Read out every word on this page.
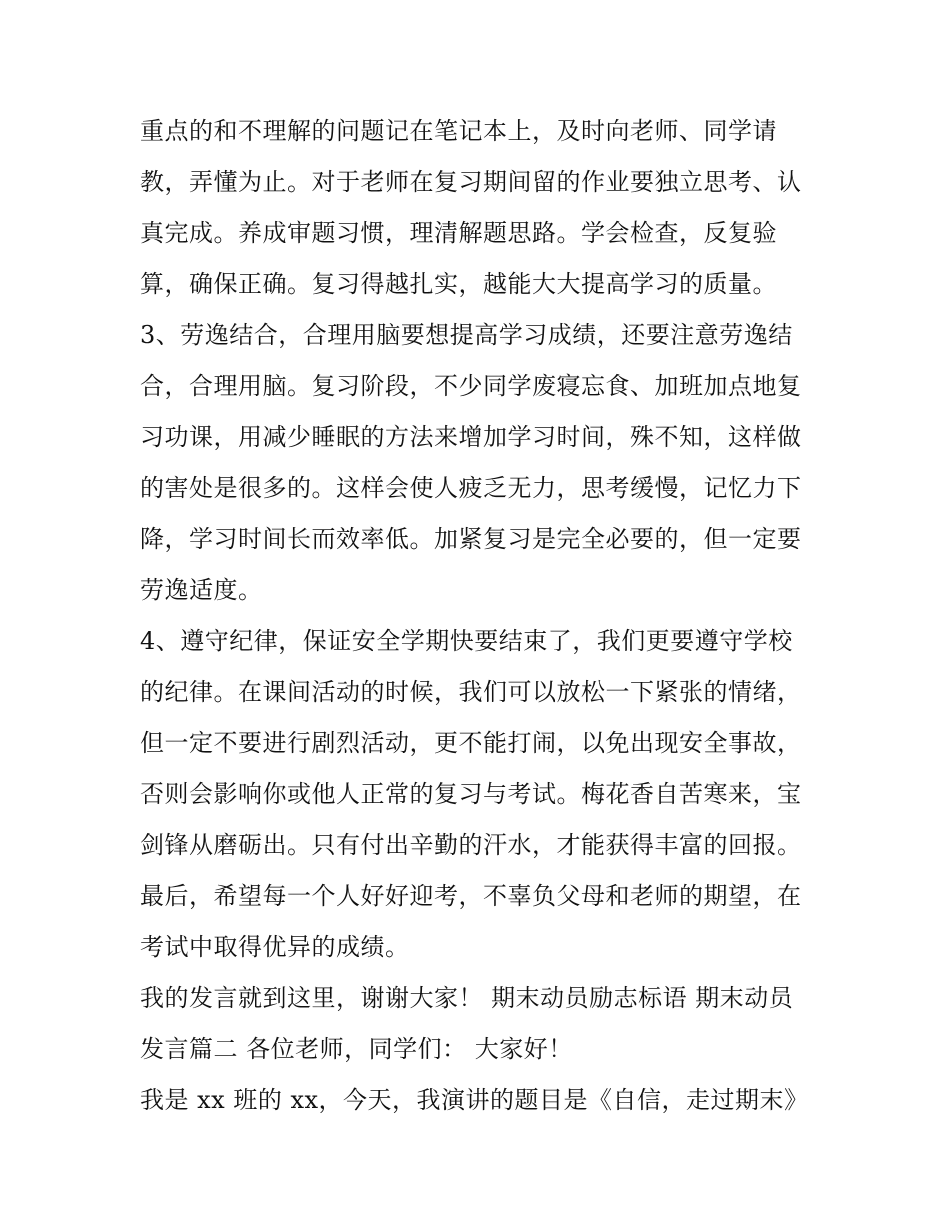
重点的和不理解的问题记在笔记本上，及时向老师、同学请
教，弄懂为止。对于老师在复习期间留的作业要独立思考、认
真完成。养成审题习惯，理清解题思路。学会检查，反复验
算，确保正确。复习得越扎实，越能大大提高学习的质量。
3、劳逸结合，合理用脑要想提高学习成绩，还要注意劳逸结
合，合理用脑。复习阶段，不少同学废寝忘食、加班加点地复
习功课，用减少睡眠的方法来增加学习时间，殊不知，这样做
的害处是很多的。这样会使人疲乏无力，思考缓慢，记忆力下
降，学习时间长而效率低。加紧复习是完全必要的，但一定要
劳逸适度。
4、遵守纪律，保证安全学期快要结束了，我们更要遵守学校
的纪律。在课间活动的时候，我们可以放松一下紧张的情绪，
但一定不要进行剧烈活动，更不能打闹，以免出现安全事故，
否则会影响你或他人正常的复习与考试。梅花香自苦寒来，宝
剑锋从磨砺出。只有付出辛勤的汗水，才能获得丰富的回报。
最后，希望每一个人好好迎考，不辜负父母和老师的期望，在
考试中取得优异的成绩。
我的发言就到这里，谢谢大家！ 期末动员励志标语 期末动员
发言篇二 各位老师，同学们： 大家好！
我是 xx 班的 xx，今天，我演讲的题目是《自信，走过期末》
